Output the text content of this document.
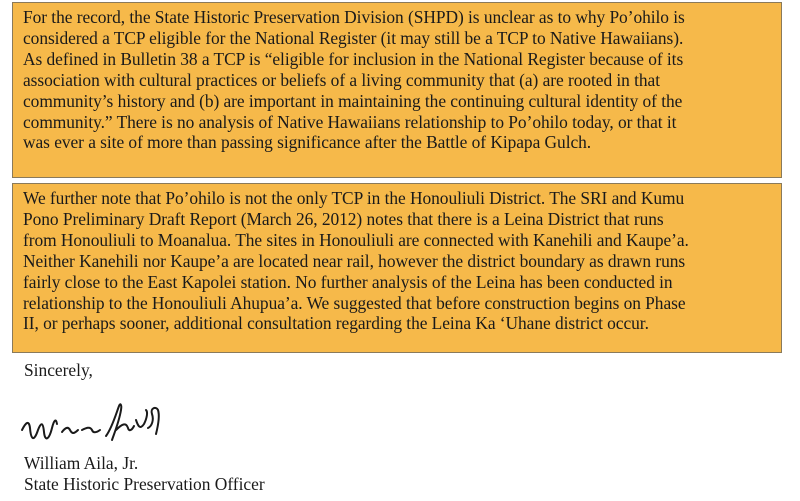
For the record, the State Historic Preservation Division (SHPD) is unclear as to why Po’ohilo is
considered a TCP eligible for the National Register (it may still be a TCP to Native Hawaiians).
As defined in Bulletin 38 a TCP is “eligible for inclusion in the National Register because of its
association with cultural practices or beliefs of a living community that (a) are rooted in that
community’s history and (b) are important in maintaining the continuing cultural identity of the
community.” There is no analysis of Native Hawaiians relationship to Po’ohilo today, or that it
was ever a site of more than passing significance after the Battle of Kipapa Gulch.
We further note that Po’ohilo is not the only TCP in the Honouliuli District. The SRI and Kumu
Pono Preliminary Draft Report (March 26, 2012) notes that there is a Leina District that runs
from Honouliuli to Moanalua. The sites in Honouliuli are connected with Kanehili and Kaupe’a.
Neither Kanehili nor Kaupe’a are located near rail, however the district boundary as drawn runs
fairly close to the East Kapolei station. No further analysis of the Leina has been conducted in
relationship to the Honouliuli Ahupua’a. We suggested that before construction begins on Phase
II, or perhaps sooner, additional consultation regarding the Leina Ka ‘Uhane district occur.
Sincerely,
William Aila, Jr.
State Historic Preservation Officer
